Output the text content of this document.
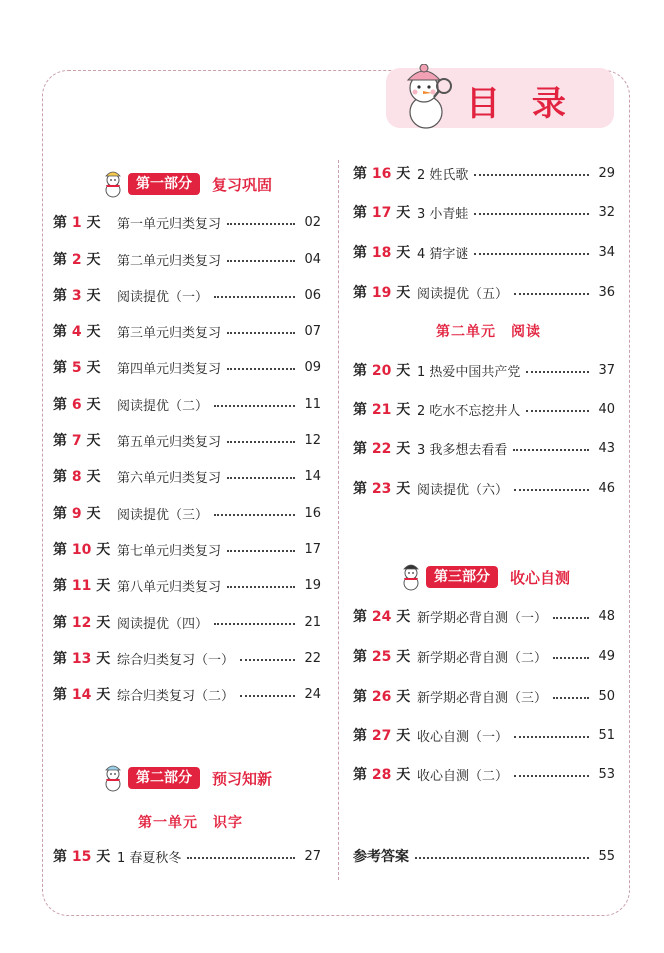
目 录
第一部分	复习巩固
第二部分	预习知新
第一单元　识字
第二单元　阅读
第三部分	收心自测
第 1 天	第一单元归类复习	02
第 2 天	第二单元归类复习	04
第 3 天	阅读提优（一）	06
第 4 天	第三单元归类复习	07
第 5 天	第四单元归类复习	09
第 6 天	阅读提优（二）	11
第 7 天	第五单元归类复习	12
第 8 天	第六单元归类复习	14
第 9 天	阅读提优（三）	16
第 10 天 第七单元归类复习	17
第 11 天 第八单元归类复习	19
第 12 天 阅读提优（四）	21
第 13 天 综合归类复习（一）	22
第 14 天 综合归类复习（二）	24
第 15 天 1 春夏秋冬	27
第 16 天 2 姓氏歌	29
第 17 天 3 小青蛙	32
第 18 天 4 猜字谜	34
第 19 天 阅读提优（五）	36
第 20 天 1 热爱中国共产党	37
第 21 天 2 吃水不忘挖井人	40
第 22 天 3 我多想去看看	43
第 23 天 阅读提优（六）	46
第 24 天 新学期必背自测（一）	48
第 25 天 新学期必背自测（二）	49
第 26 天 新学期必背自测（三）	50
第 27 天 收心自测（一）	51
第 28 天 收心自测（二）	53
参考答案	55
